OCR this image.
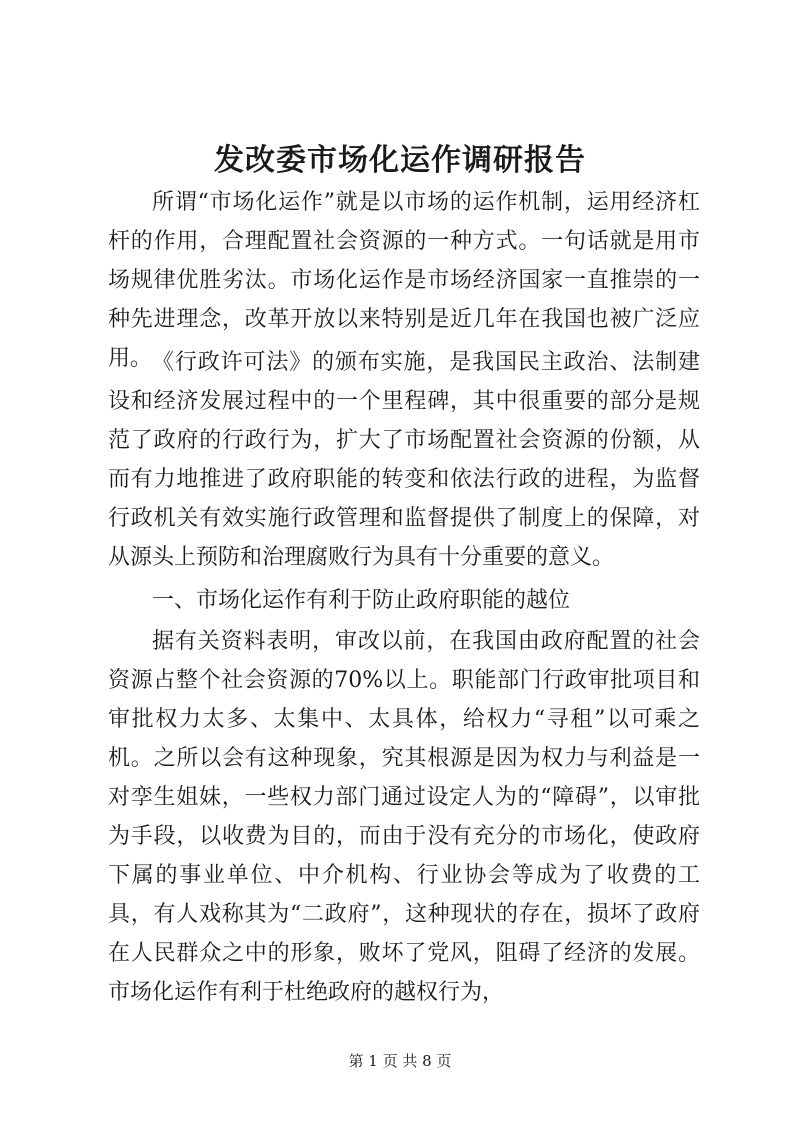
发改委市场化运作调研报告

所谓“市场化运作”就是以市场的运作机制，运用经济杠杆的作用，合理配置社会资源的一种方式。一句话就是用市场规律优胜劣汰。市场化运作是市场经济国家一直推崇的一种先进理念，改革开放以来特别是近几年在我国也被广泛应用。 《行政许可法》的颁布实施，是我国民主政治、法制建设和经济发展过程中的一个里程碑，其中很重要的部分是规范了政府的行政行为，扩大了市场配置社会资源的份额，从而有力地推进了政府职能的转变和依法行政的进程，为监督行政机关有效实施行政管理和监督提供了制度上的保障，对从源头上预防和治理腐败行为具有十分重要的意义。

一、市场化运作有利于防止政府职能的越位

据有关资料表明，审改以前，在我国由政府配置的社会资源占整个社会资源的70%以上。职能部门行政审批项目和审批权力太多、太集中、太具体，给权力“寻租”以可乘之机。之所以会有这种现象，究其根源是因为权力与利益是一对孪生姐妹，一些权力部门通过设定人为的“障碍”，以审批为手段，以收费为目的，而由于没有充分的市场化，使政府下属的事业单位、中介机构、行业协会等成为了收费的工具，有人戏称其为“二政府”，这种现状的存在，损坏了政府在人民群众之中的形象，败坏了党风，阻碍了经济的发展。市场化运作有利于杜绝政府的越权行为，

第 1 页 共 8 页
